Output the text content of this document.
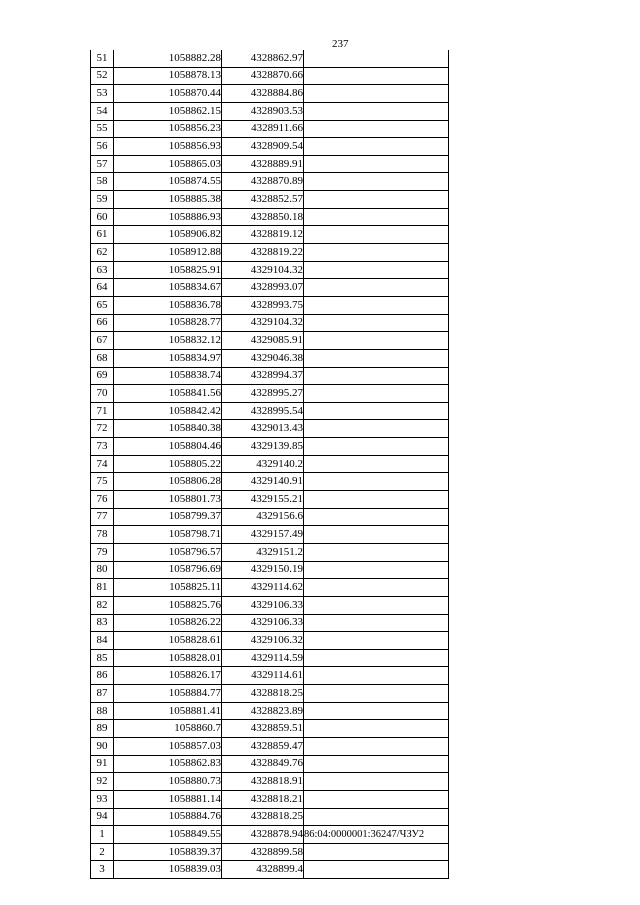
237
51	1058882.28	4328862.97	
52	1058878.13	4328870.66	
53	1058870.44	4328884.86	
54	1058862.15	4328903.53	
55	1058856.23	4328911.66	
56	1058856.93	4328909.54	
57	1058865.03	4328889.91	
58	1058874.55	4328870.89	
59	1058885.38	4328852.57	
60	1058886.93	4328850.18	
61	1058906.82	4328819.12	
62	1058912.88	4328819.22	
63	1058825.91	4329104.32	
64	1058834.67	4328993.07	
65	1058836.78	4328993.75	
66	1058828.77	4329104.32	
67	1058832.12	4329085.91	
68	1058834.97	4329046.38	
69	1058838.74	4328994.37	
70	1058841.56	4328995.27	
71	1058842.42	4328995.54	
72	1058840.38	4329013.43	
73	1058804.46	4329139.85	
74	1058805.22	4329140.2	
75	1058806.28	4329140.91	
76	1058801.73	4329155.21	
77	1058799.37	4329156.6	
78	1058798.71	4329157.49	
79	1058796.57	4329151.2	
80	1058796.69	4329150.19	
81	1058825.11	4329114.62	
82	1058825.76	4329106.33	
83	1058826.22	4329106.33	
84	1058828.61	4329106.32	
85	1058828.01	4329114.59	
86	1058826.17	4329114.61	
87	1058884.77	4328818.25	
88	1058881.41	4328823.89	
89	1058860.7	4328859.51	
90	1058857.03	4328859.47	
91	1058862.83	4328849.76	
92	1058880.73	4328818.91	
93	1058881.14	4328818.21	
94	1058884.76	4328818.25	
1	1058849.55	4328878.94	86:04:0000001:36247/ЧЗУ2
2	1058839.37	4328899.58	
3	1058839.03	4328899.4	
